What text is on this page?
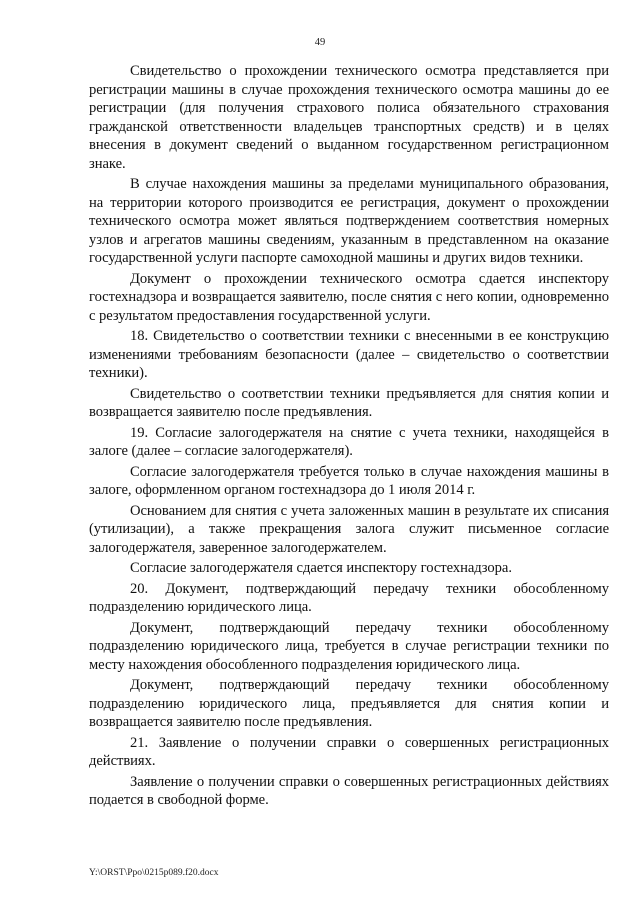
49

Свидетельство о прохождении технического осмотра представляется при регистрации машины в случае прохождения технического осмотра машины до ее регистрации (для получения страхового полиса обязательного страхования гражданской ответственности владельцев транспортных средств) и в целях внесения в документ сведений о выданном государственном регистрационном знаке.

В случае нахождения машины за пределами муниципального образования, на территории которого производится ее регистрация, документ о прохождении технического осмотра может являться подтверждением соответствия номерных узлов и агрегатов машины сведениям, указанным в представленном на оказание государственной услуги паспорте самоходной машины и других видов техники.

Документ о прохождении технического осмотра сдается инспектору гостехнадзора и возвращается заявителю, после снятия с него копии, одновременно с результатом предоставления государственной услуги.

18. Свидетельство о соответствии техники с внесенными в ее конструкцию изменениями требованиям безопасности (далее – свидетельство о соответствии техники).

Свидетельство о соответствии техники предъявляется для снятия копии и возвращается заявителю после предъявления.

19. Согласие залогодержателя на снятие с учета техники, находящейся в залоге (далее – согласие залогодержателя).

Согласие залогодержателя требуется только в случае нахождения машины в залоге, оформленном органом гостехнадзора до 1 июля 2014 г.

Основанием для снятия с учета заложенных машин в результате их списания (утилизации), а также прекращения залога служит письменное согласие залогодержателя, заверенное залогодержателем.

Согласие залогодержателя сдается инспектору гостехнадзора.

20. Документ, подтверждающий передачу техники обособленному подразделению юридического лица.

Документ, подтверждающий передачу техники обособленному подразделению юридического лица, требуется в случае регистрации техники по месту нахождения обособленного подразделения юридического лица.

Документ, подтверждающий передачу техники обособленному подразделению юридического лица, предъявляется для снятия копии и возвращается заявителю после предъявления.

21. Заявление о получении справки о совершенных регистрационных действиях.

Заявление о получении справки о совершенных регистрационных действиях подается в свободной форме.

Y:\ORST\Ppo\0215p089.f20.docx
